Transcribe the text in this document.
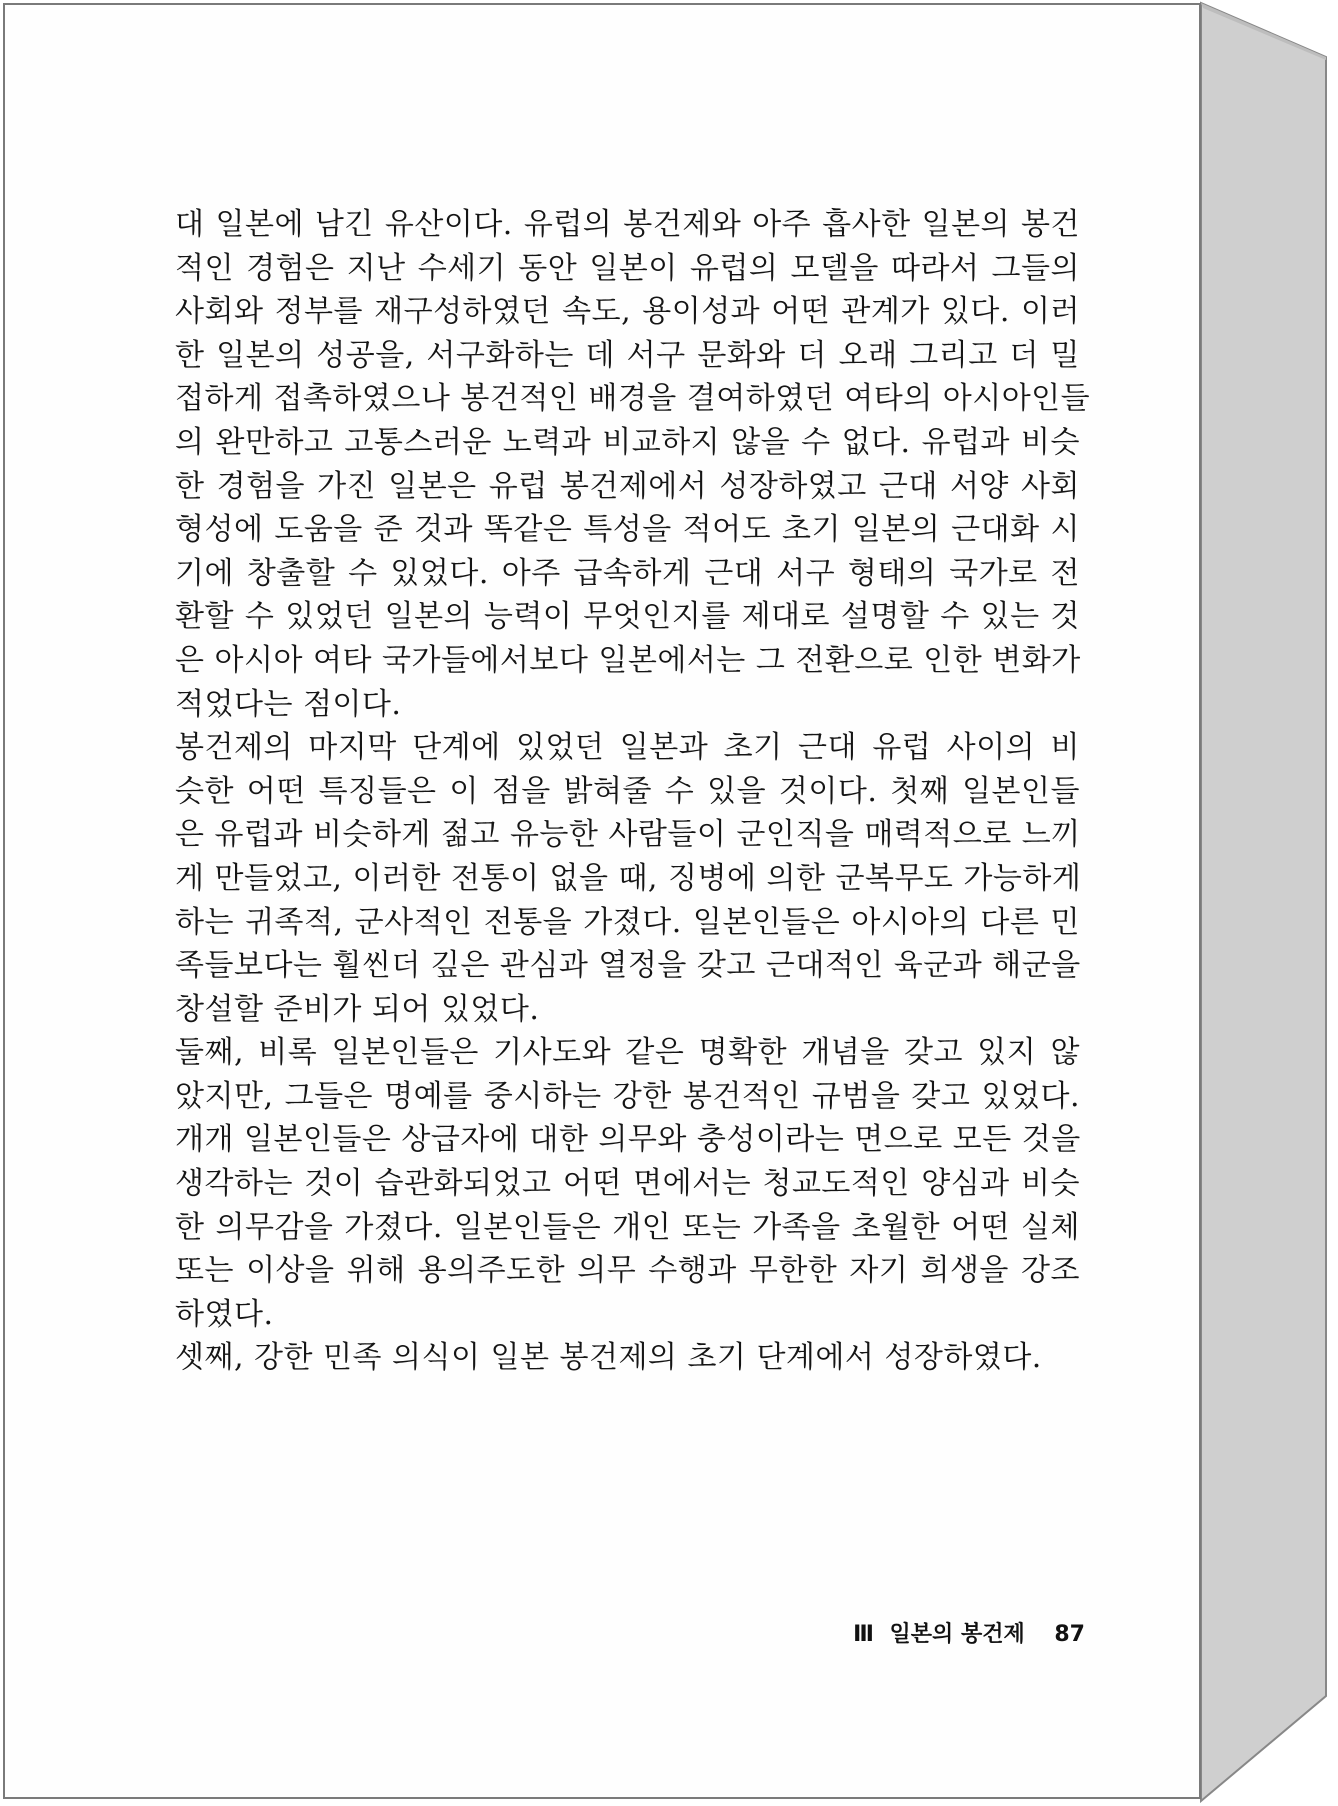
대 일본에 남긴 유산이다. 유럽의 봉건제와 아주 흡사한 일본의 봉건
적인 경험은 지난 수세기 동안 일본이 유럽의 모델을 따라서 그들의
사회와 정부를 재구성하였던 속도, 용이성과 어떤 관계가 있다. 이러
한 일본의 성공을, 서구화하는 데 서구 문화와 더 오래 그리고 더 밀
접하게 접촉하였으나 봉건적인 배경을 결여하였던 여타의 아시아인들
의 완만하고 고통스러운 노력과 비교하지 않을 수 없다. 유럽과 비슷
한 경험을 가진 일본은 유럽 봉건제에서 성장하였고 근대 서양 사회
형성에 도움을 준 것과 똑같은 특성을 적어도 초기 일본의 근대화 시
기에 창출할 수 있었다. 아주 급속하게 근대 서구 형태의 국가로 전
환할 수 있었던 일본의 능력이 무엇인지를 제대로 설명할 수 있는 것
은 아시아 여타 국가들에서보다 일본에서는 그 전환으로 인한 변화가
적었다는 점이다.
봉건제의 마지막 단계에 있었던 일본과 초기 근대 유럽 사이의 비
슷한 어떤 특징들은 이 점을 밝혀줄 수 있을 것이다. 첫째 일본인들
은 유럽과 비슷하게 젊고 유능한 사람들이 군인직을 매력적으로 느끼
게 만들었고, 이러한 전통이 없을 때, 징병에 의한 군복무도 가능하게
하는 귀족적, 군사적인 전통을 가졌다. 일본인들은 아시아의 다른 민
족들보다는 훨씬더 깊은 관심과 열정을 갖고 근대적인 육군과 해군을
창설할 준비가 되어 있었다.
둘째, 비록 일본인들은 기사도와 같은 명확한 개념을 갖고 있지 않
았지만, 그들은 명예를 중시하는 강한 봉건적인 규범을 갖고 있었다.
개개 일본인들은 상급자에 대한 의무와 충성이라는 면으로 모든 것을
생각하는 것이 습관화되었고 어떤 면에서는 청교도적인 양심과 비슷
한 의무감을 가졌다. 일본인들은 개인 또는 가족을 초월한 어떤 실체
또는 이상을 위해 용의주도한 의무 수행과 무한한 자기 희생을 강조
하였다.
셋째, 강한 민족 의식이 일본 봉건제의 초기 단계에서 성장하였다.
Ⅲ 일본의 봉건제 87
